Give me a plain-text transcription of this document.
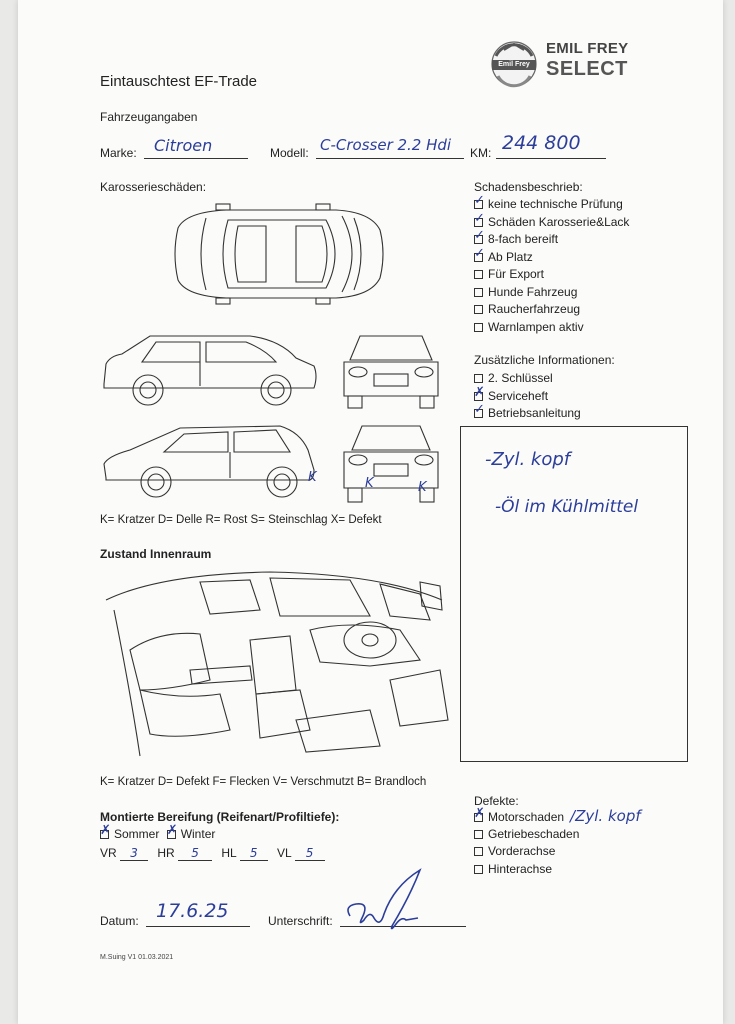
Eintauschtest EF-Trade
Emil Frey
EMIL FREY
SELECT
Fahrzeugangaben
Marke: Citroen	Modell: C-Crosser 2.2 Hdi KM: 244 800
Karosserieschäden:
K	K	K
K= Kratzer D= Delle R= Rost S= Steinschlag X= Defekt
Schadensbeschrieb:
✓ keine technische Prüfung
✓ Schäden Karosserie&Lack
✓ 8-fach bereift
✓ Ab Platz
Für Export
Hunde Fahrzeug
Raucherfahrzeug
Warnlampen aktiv
Zusätzliche Informationen:
2. Schlüssel
✗ Serviceheft
✓ Betriebsanleitung
-Zyl. kopf
-Öl im Kühlmittel
Zustand Innenraum
K= Kratzer D= Defekt F= Flecken V= Verschmutzt B= Brandloch
Montierte Bereifung (Reifenart/Profiltiefe):
✗ Sommer ✗ Winter
VR 3 HR 5 HL 5 VL 5
Defekte:
✗ Motorschaden /Zyl. kopf
Getriebeschaden
Vorderachse
Hinterachse
Datum: 17.6.25	Unterschrift:
M.Suing V1 01.03.2021
